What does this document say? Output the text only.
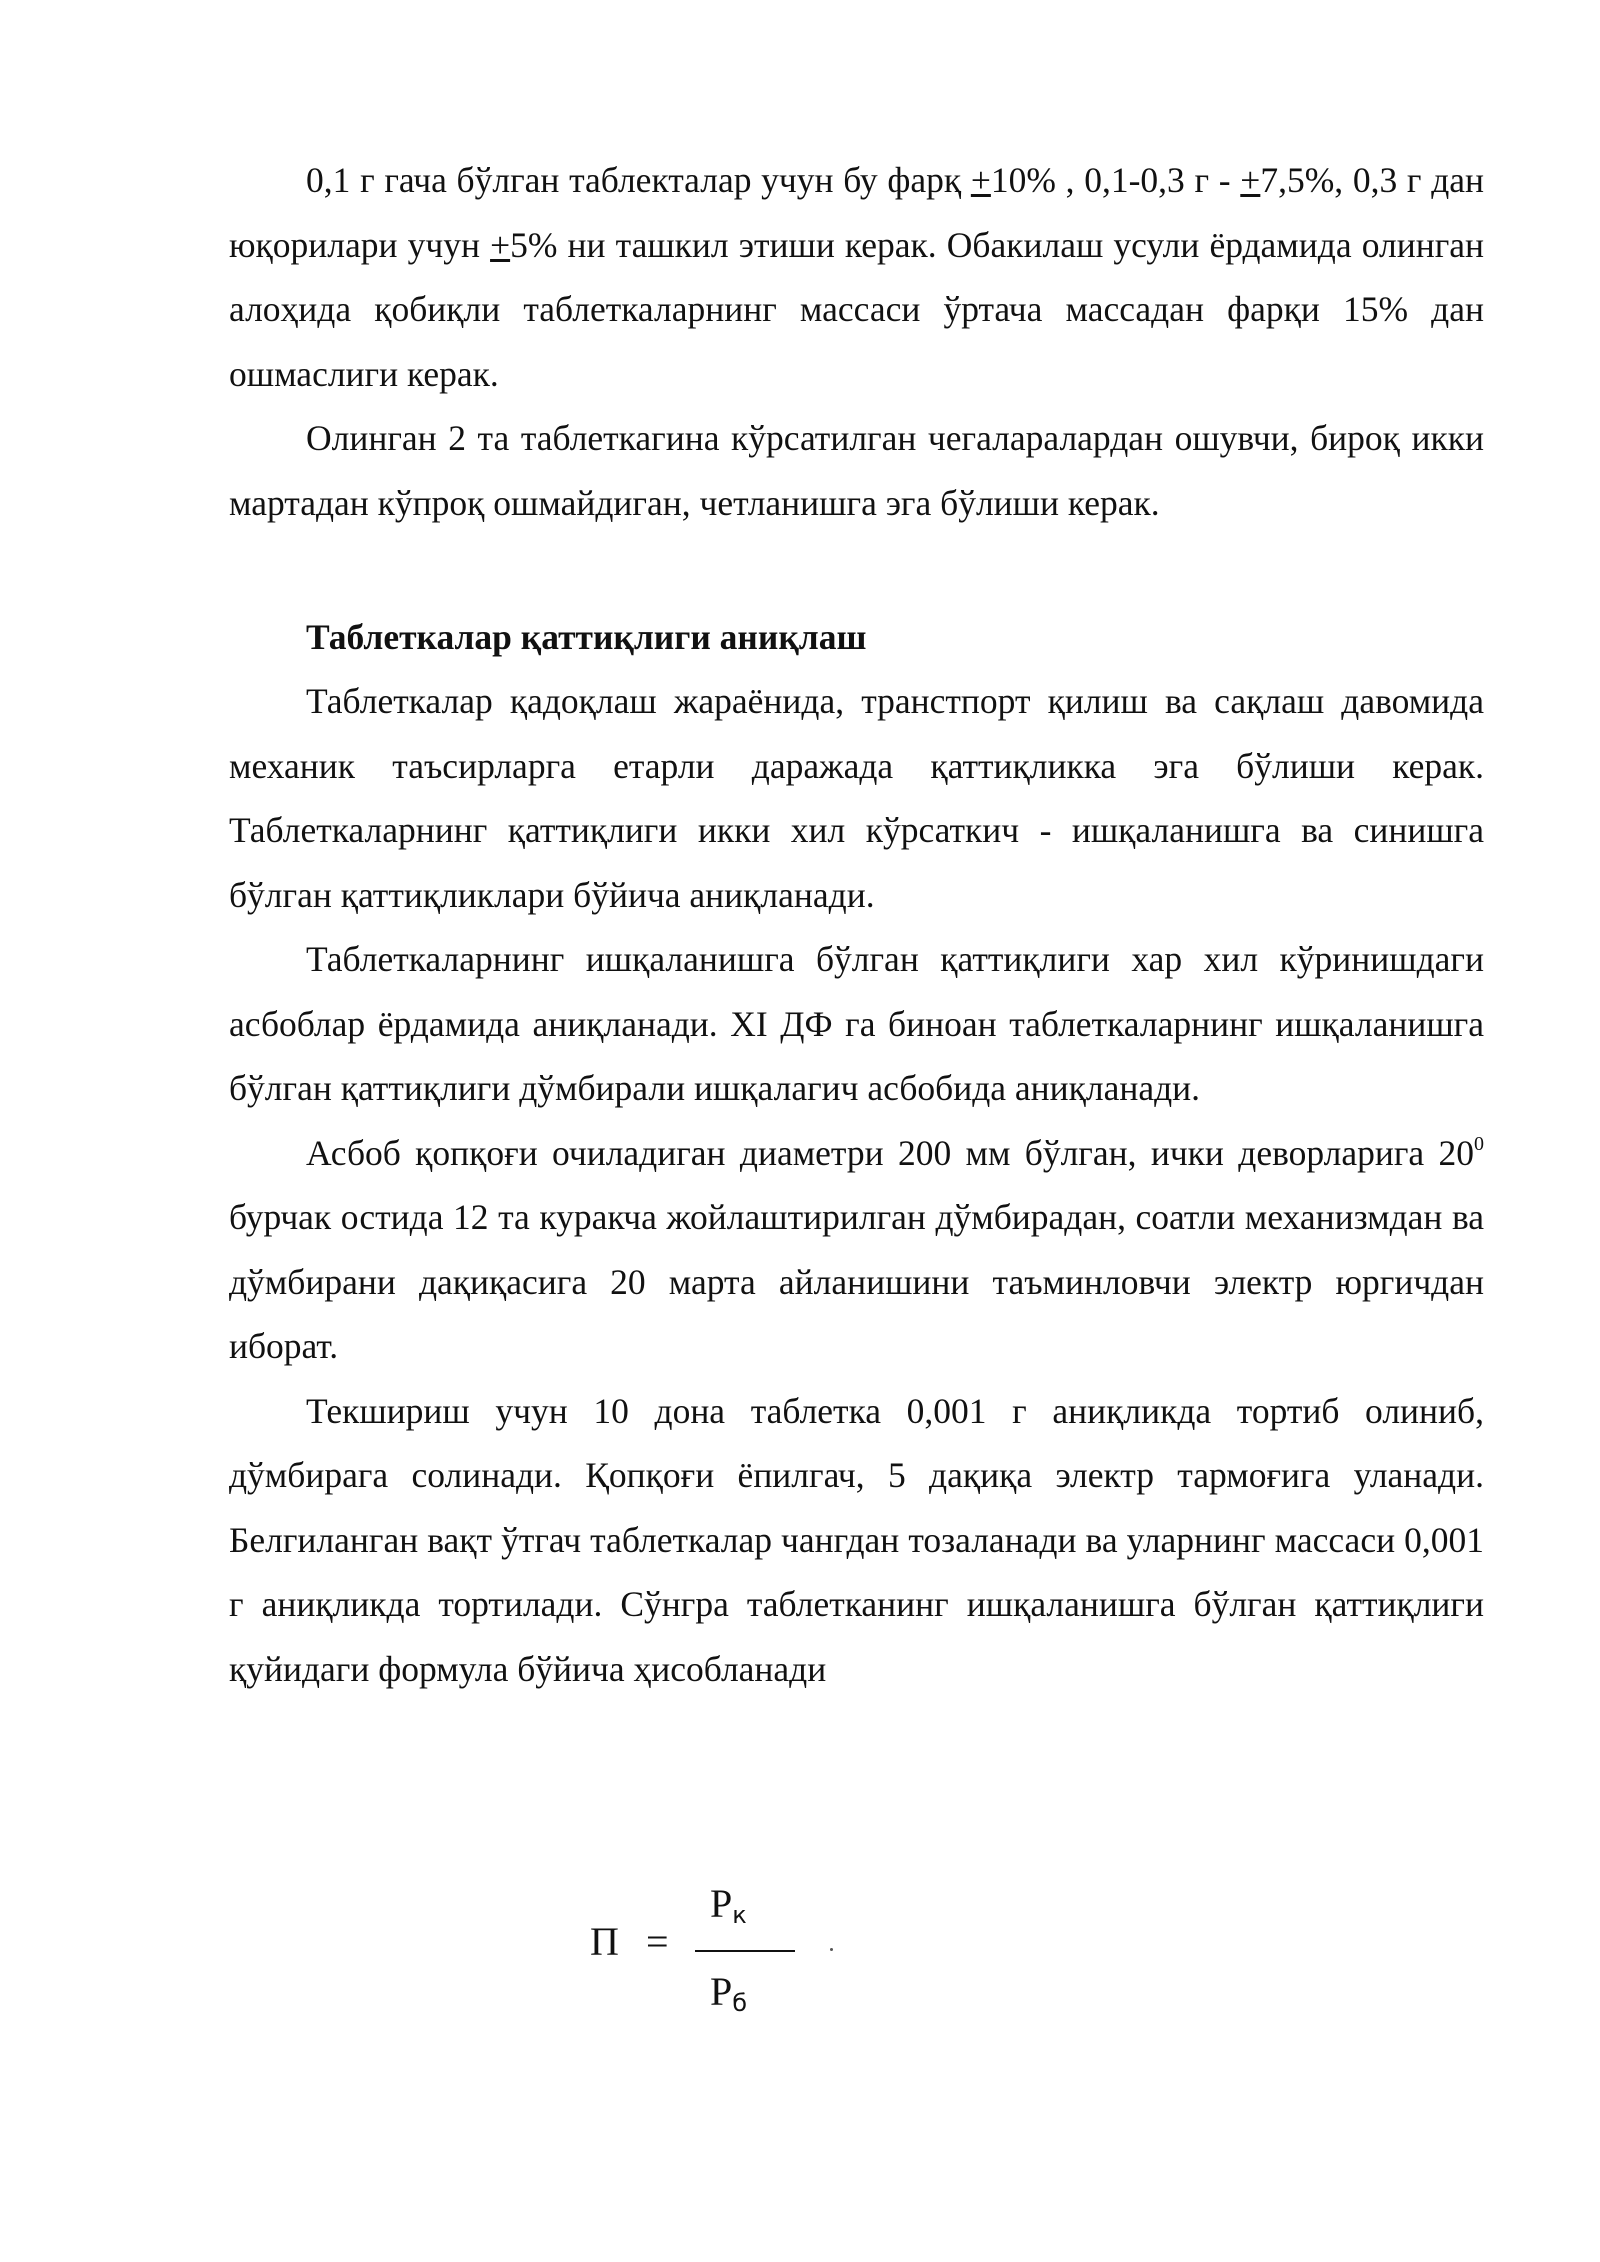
0,1 г гача бўлган таблекталар учун бу фарқ +10% , 0,1-0,3 г - +7,5%, 0,3 г дан юқорилари учун +5% ни ташкил этиши керак. Обакилаш усули ёрдамида олинган алоҳида қобиқли таблеткаларнинг массаси ўртача массадан фарқи 15% дан ошмаслиги керак.

Олинган 2 та таблеткагина кўрсатилган чегаларалардан ошувчи, бироқ икки мартадан кўпроқ ошмайдиган, четланишга эга бўлиши керак.

Таблеткалар қаттиқлиги аниқлаш

Таблеткалар қадоқлаш жараёнида, транстпорт қилиш ва сақлаш давомида механик таъсирларга етарли даражада қаттиқликка эга бўлиши керак. Таблеткаларнинг қаттиқлиги икки хил кўрсаткич - ишқаланишга ва синишга бўлган қаттиқликлари бўйича аниқланади.

Таблеткаларнинг ишқаланишга бўлган қаттиқлиги хар хил кўринишдаги асбоблар ёрдамида аниқланади. XI ДФ га биноан таблеткаларнинг ишқаланишга бўлган қаттиқлиги дўмбирали ишқалагич асбобида аниқланади.

Асбоб қопқоғи очиладиган диаметри 200 мм бўлган, ички деворларига $20^0$ бурчак остида 12 та куракча жойлаштирилган дўмбирадан, соатли механизмдан ва дўмбирани дақиқасига 20 марта айланишини таъминловчи электр юргичдан иборат.

Текшириш учун 10 дона таблетка 0,001 г аниқликда тортиб олиниб, дўмбирага солинади. Қопқоғи ёпилгач, 5 дақиқа электр тармоғига уланади. Белгиланган вақт ўтгач таблеткалар чангдан тозаланади ва уларнинг массаси 0,001 г аниқликда тортилади. Сўнгра таблетканинг ишқаланишга бўлган қаттиқлиги қуйидаги формула бўйича ҳисобланади

П =
$Р_к$
$Р_б$
